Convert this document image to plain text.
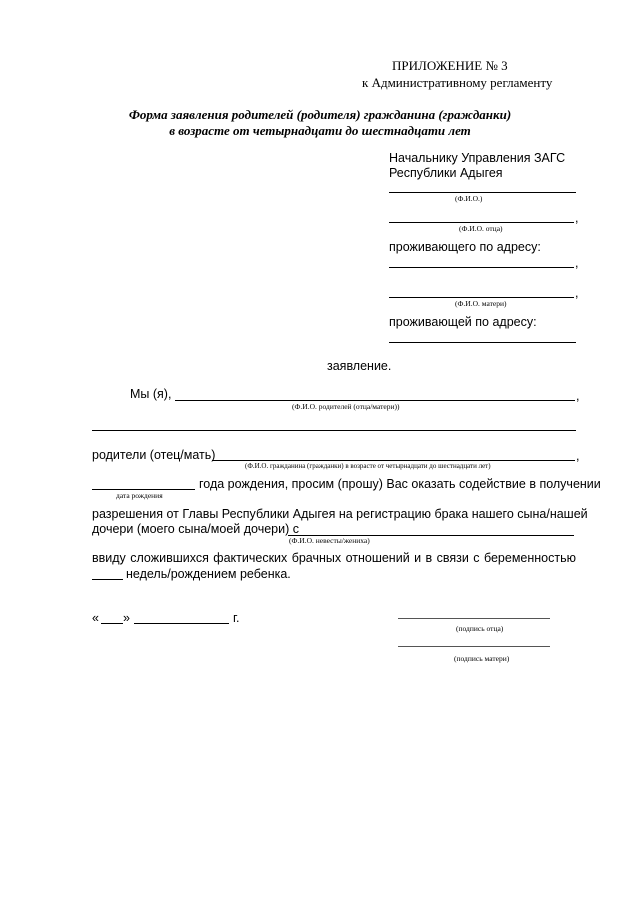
ПРИЛОЖЕНИЕ № 3
к Административному регламенту
Форма заявления родителей (родителя) гражданина (гражданки)
в возрасте от четырнадцати до шестнадцати лет
Начальнику Управления ЗАГС
Республики Адыгея
(Ф.И.О.)
,
(Ф.И.О. отца)
проживающего по адресу:
,
,
(Ф.И.О. матери)
проживающей по адресу:
заявление.
Мы (я),	,
(Ф.И.О. родителей (отца/матери))
родители (отец/мать)	,
(Ф.И.О. гражданина (гражданки) в возрасте от четырнадцати до шестнадцати лет)
дата рождения
года рождения, просим (прошу) Вас оказать содействие в получении
разрешения от Главы Республики Адыгея на регистрацию брака нашего сына/нашей
дочери (моего сына/моей дочери) с
(Ф.И.О. невесты/жениха)
ввиду сложившихся фактических брачных отношений и в связи с беременностью
недель/рождением ребенка.
« »	г.
(подпись отца)
(подпись матери)
